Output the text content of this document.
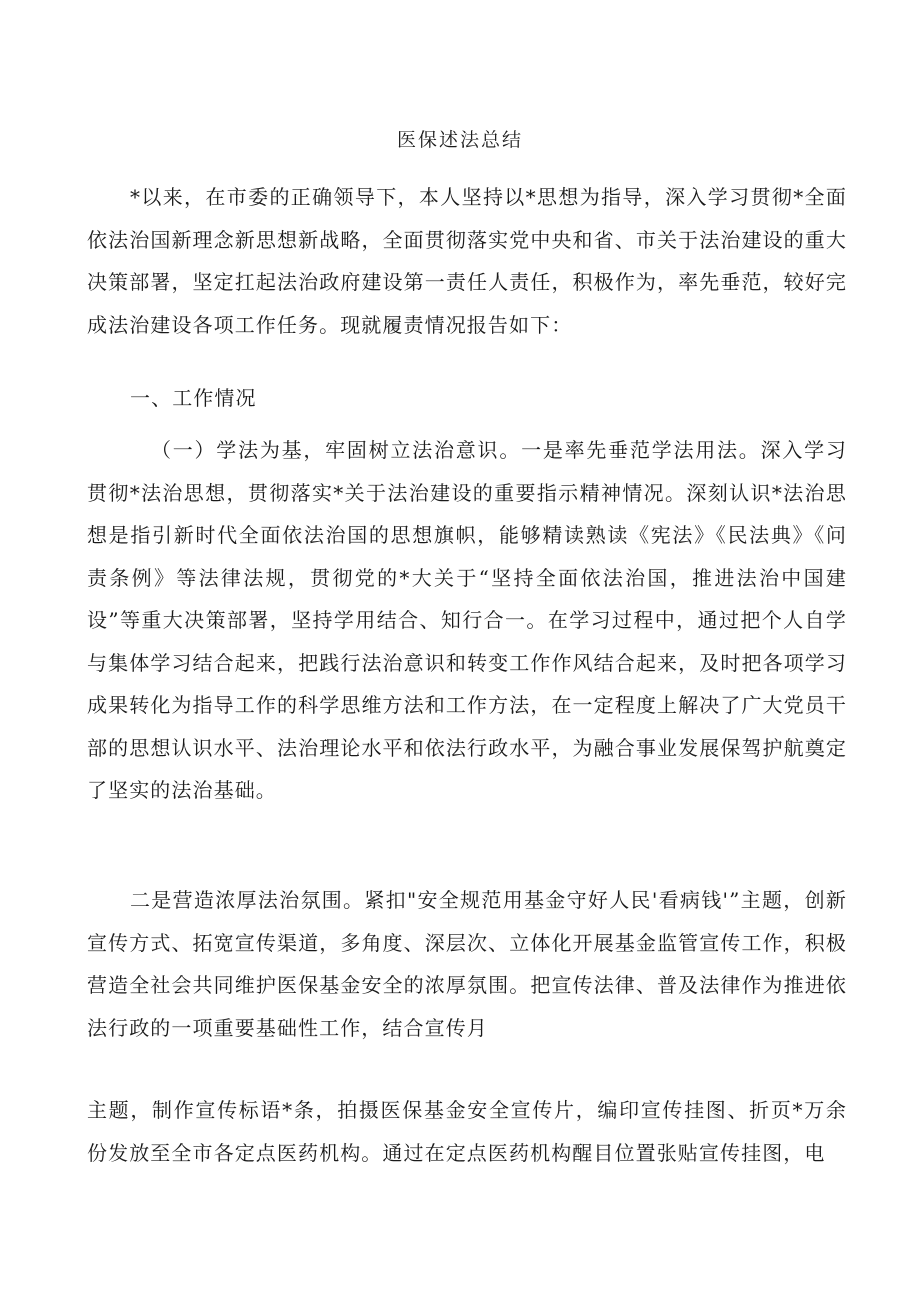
医保述法总结

*以来，在市委的正确领导下，本人坚持以*思想为指导，深入学习贯彻*全面依法治国新理念新思想新战略，全面贯彻落实党中央和省、市关于法治建设的重大决策部署，坚定扛起法治政府建设第一责任人责任，积极作为，率先垂范，较好完成法治建设各项工作任务。现就履责情况报告如下：

一、工作情况

（一）学法为基，牢固树立法治意识。一是率先垂范学法用法。深入学习贯彻*法治思想，贯彻落实*关于法治建设的重要指示精神情况。深刻认识*法治思想是指引新时代全面依法治国的思想旗帜，能够精读熟读《宪法》《民法典》《问责条例》等法律法规，贯彻党的*大关于“坚持全面依法治国，推进法治中国建设”等重大决策部署，坚持学用结合、知行合一。在学习过程中，通过把个人自学与集体学习结合起来，把践行法治意识和转变工作作风结合起来，及时把各项学习成果转化为指导工作的科学思维方法和工作方法，在一定程度上解决了广大党员干部的思想认识水平、法治理论水平和依法行政水平，为融合事业发展保驾护航奠定了坚实的法治基础。

二是营造浓厚法治氛围。紧扣"安全规范用基金守好人民'看病钱'”主题，创新宣传方式、拓宽宣传渠道，多角度、深层次、立体化开展基金监管宣传工作，积极营造全社会共同维护医保基金安全的浓厚氛围。把宣传法律、普及法律作为推进依法行政的一项重要基础性工作，结合宣传月

主题，制作宣传标语*条，拍摄医保基金安全宣传片，编印宣传挂图、折页*万余份发放至全市各定点医药机构。通过在定点医药机构醒目位置张贴宣传挂图，电
